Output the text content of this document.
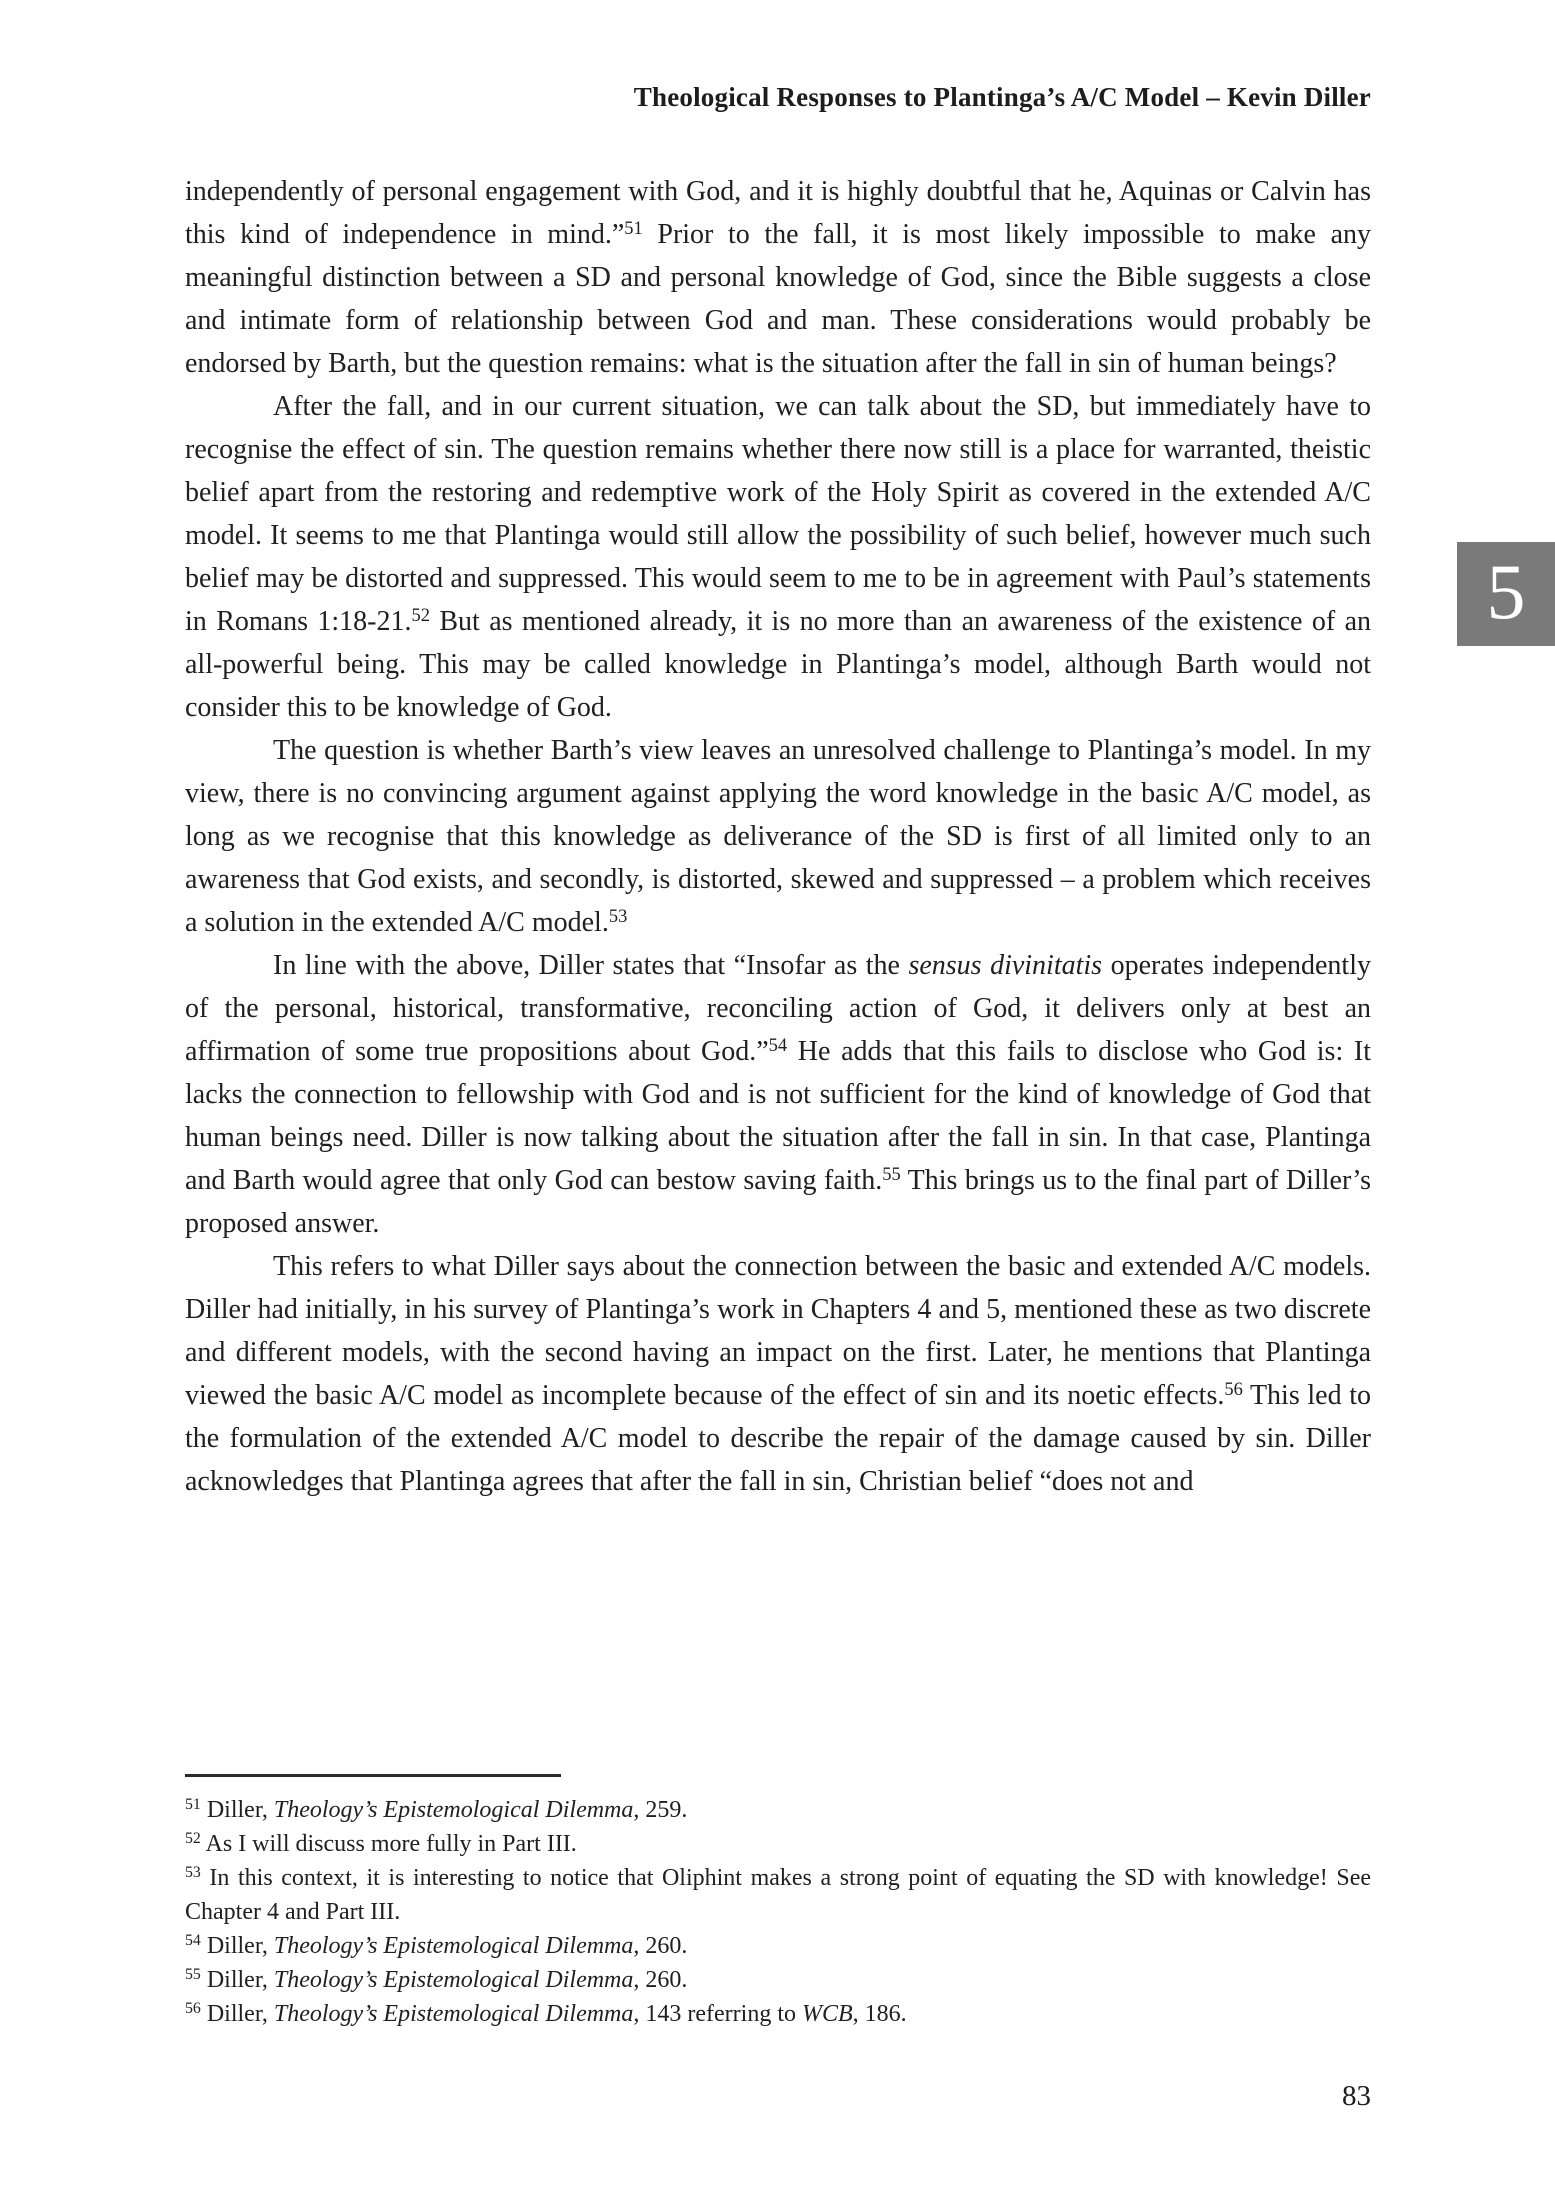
Theological Responses to Plantinga’s A/C Model – Kevin Diller
5

independently of personal engagement with God, and it is highly doubtful that he, Aquinas or Calvin has this kind of independence in mind.”$^{51}$ Prior to the fall, it is most likely impossible to make any meaningful distinction between a SD and personal knowledge of God, since the Bible suggests a close and intimate form of relationship between God and man. These considerations would probably be endorsed by Barth, but the question remains: what is the situation after the fall in sin of human beings?

After the fall, and in our current situation, we can talk about the SD, but immediately have to recognise the effect of sin. The question remains whether there now still is a place for warranted, theistic belief apart from the restoring and redemptive work of the Holy Spirit as covered in the extended A/C model. It seems to me that Plantinga would still allow the possibility of such belief, however much such belief may be distorted and suppressed. This would seem to me to be in agreement with Paul’s statements in Romans 1:18-21.52 But as mentioned already, it is no more than an awareness of the existence of an all-powerful being. This may be called knowledge in Plantinga’s model, although Barth would not consider this to be knowledge of God.

The question is whether Barth’s view leaves an unresolved challenge to Plantinga’s model. In my view, there is no convincing argument against applying the word knowledge in the basic A/C model, as long as we recognise that this knowledge as deliverance of the SD is first of all limited only to an awareness that God exists, and secondly, is distorted, skewed and suppressed – a problem which receives a solution in the extended A/C model.$^{53}$

In line with the above, Diller states that “Insofar as the sensus divinitatis operates independently of the personal, historical, transformative, reconciling action of God, it delivers only at best an affirmation of some true propositions about God.”$^{54}$ He adds that this fails to disclose who God is: It lacks the connection to fellowship with God and is not sufficient for the kind of knowledge of God that human beings need. Diller is now talking about the situation after the fall in sin. In that case, Plantinga and Barth would agree that only God can bestow saving faith.$^{55}$ This brings us to the final part of Diller’s proposed answer.

This refers to what Diller says about the connection between the basic and extended A/C models. Diller had initially, in his survey of Plantinga’s work in Chapters 4 and 5, mentioned these as two discrete and different models, with the second having an impact on the first. Later, he mentions that Plantinga viewed the basic A/C model as incomplete because of the effect of sin and its noetic effects.$^{56}$ This led to the formulation of the extended A/C model to describe the repair of the damage caused by sin. Diller acknowledges that Plantinga agrees that after the fall in sin, Christian belief “does not and

$^{51}$ Diller, Theology’s Epistemological Dilemma, 259.

$^{52}$ As I will discuss more fully in Part III.

$^{53}$ In this context, it is interesting to notice that Oliphint makes a strong point of equating the SD with knowledge! See Chapter 4 and Part III.

$^{54}$ Diller, Theology’s Epistemological Dilemma, 260.

$^{55}$ Diller, Theology’s Epistemological Dilemma, 260.

$^{56}$ Diller, Theology’s Epistemological Dilemma, 143 referring to WCB, 186.

83
